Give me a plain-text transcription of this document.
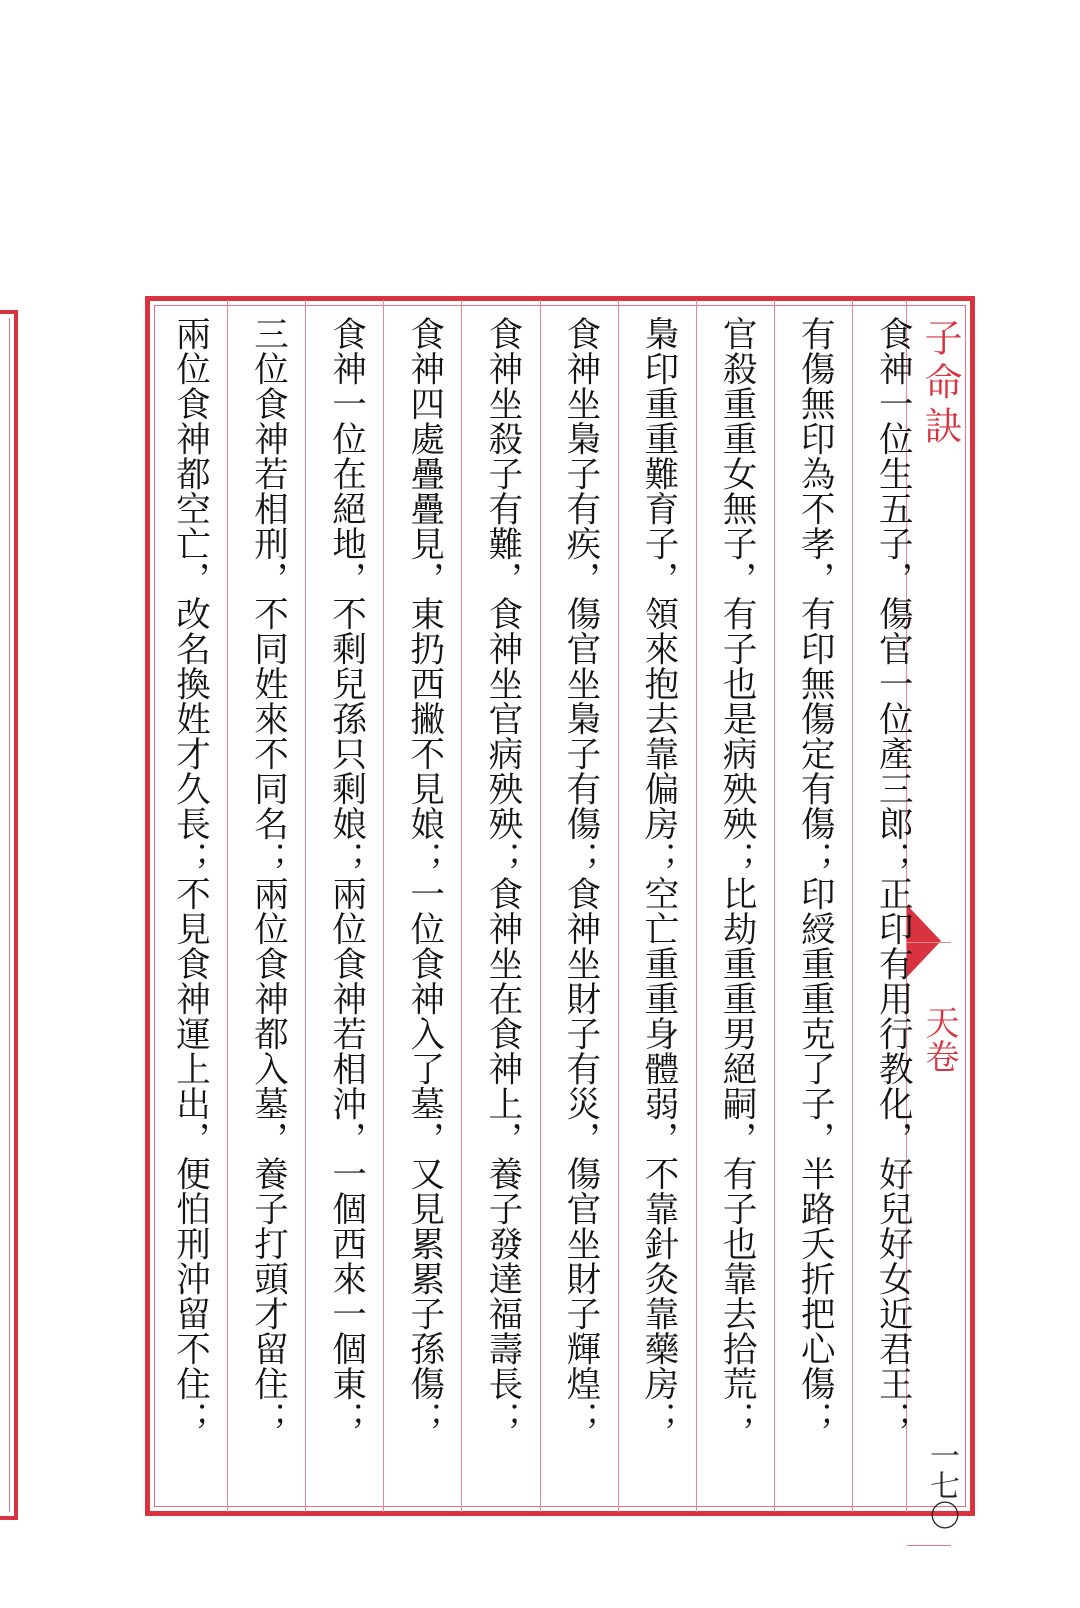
子命訣
天卷
一七〇
食神一位生五子，傷官一位產三郎；正印有用行教化，好兒好女近君王；
有傷無印為不孝，有印無傷定有傷；印綬重重克了子，半路夭折把心傷；
官殺重重女無子，有子也是病殃殃；比劫重重男絕嗣，有子也靠去拾荒；
梟印重重難育子，領來抱去靠偏房；空亡重重身體弱，不靠針灸靠藥房；
食神坐梟子有疾，傷官坐梟子有傷；食神坐財子有災，傷官坐財子輝煌；
食神坐殺子有難，食神坐官病殃殃；食神坐在食神上，養子發達福壽長；
食神四處疊疊見，東扔西撇不見娘；一位食神入了墓，又見累累子孫傷；
食神一位在絕地，不剩兒孫只剩娘；兩位食神若相沖，一個西來一個東；
三位食神若相刑，不同姓來不同名；兩位食神都入墓，養子打頭才留住；
兩位食神都空亡，改名換姓才久長；不見食神運上出，便怕刑沖留不住；
